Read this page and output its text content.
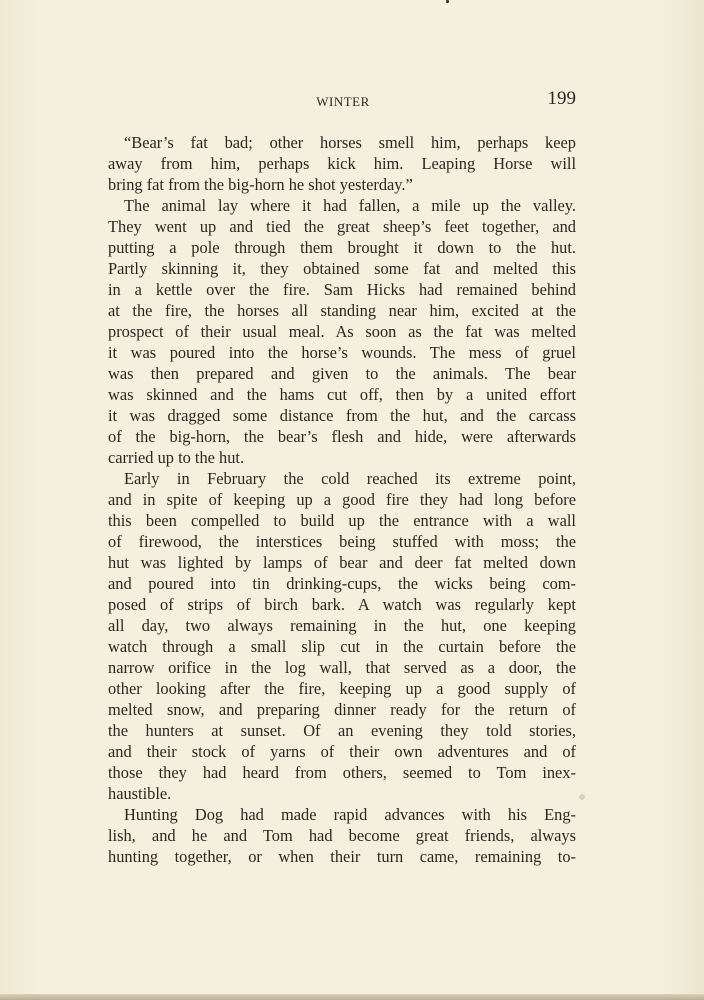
WINTER	199
“Bear’s fat bad; other horses smell him, perhaps keep
away from him, perhaps kick him. Leaping Horse will
bring fat from the big-horn he shot yesterday.”
The animal lay where it had fallen, a mile up the valley.
They went up and tied the great sheep’s feet together, and
putting a pole through them brought it down to the hut.
Partly skinning it, they obtained some fat and melted this
in a kettle over the fire. Sam Hicks had remained behind
at the fire, the horses all standing near him, excited at the
prospect of their usual meal. As soon as the fat was melted
it was poured into the horse’s wounds. The mess of gruel
was then prepared and given to the animals. The bear
was skinned and the hams cut off, then by a united effort
it was dragged some distance from the hut, and the carcass
of the big-horn, the bear’s flesh and hide, were afterwards
carried up to the hut.
Early in February the cold reached its extreme point,
and in spite of keeping up a good fire they had long before
this been compelled to build up the entrance with a wall
of firewood, the interstices being stuffed with moss; the
hut was lighted by lamps of bear and deer fat melted down
and poured into tin drinking-cups, the wicks being com-
posed of strips of birch bark. A watch was regularly kept
all day, two always remaining in the hut, one keeping
watch through a small slip cut in the curtain before the
narrow orifice in the log wall, that served as a door, the
other looking after the fire, keeping up a good supply of
melted snow, and preparing dinner ready for the return of
the hunters at sunset. Of an evening they told stories,
and their stock of yarns of their own adventures and of
those they had heard from others, seemed to Tom inex-
haustible.
Hunting Dog had made rapid advances with his Eng-
lish, and he and Tom had become great friends, always
hunting together, or when their turn came, remaining to-
